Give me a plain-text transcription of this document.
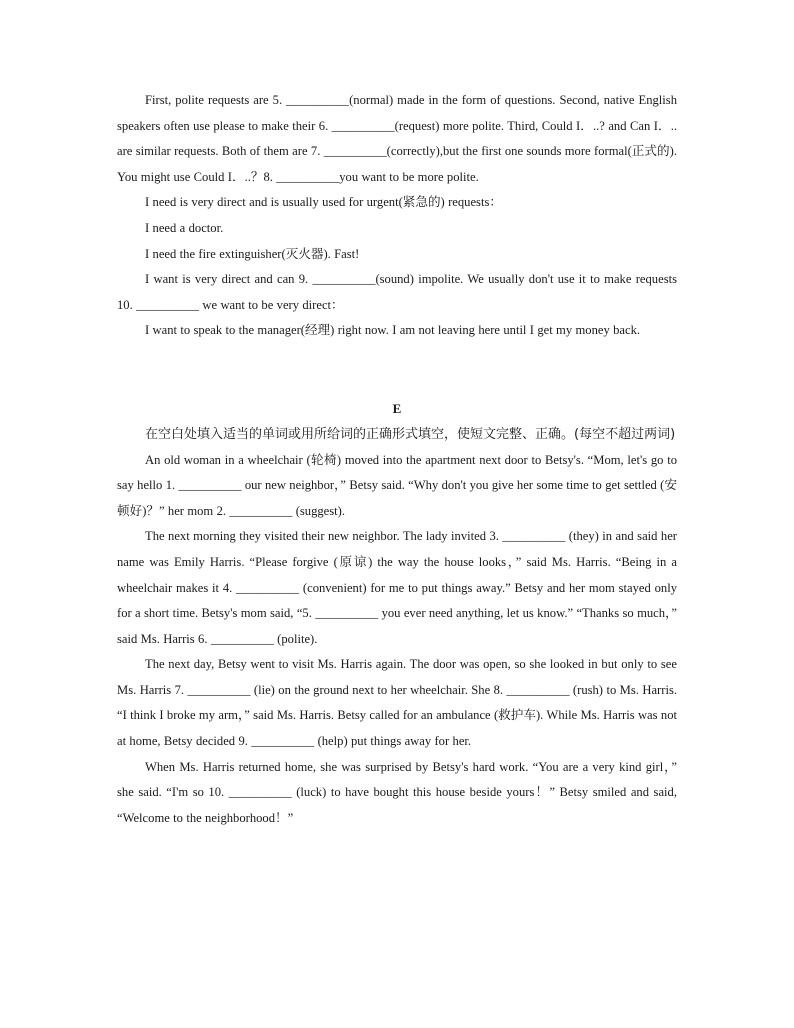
First, polite requests are 5. __________(normal) made in the form of questions. Second, native English speakers often use please to make their 6. __________(request) more polite. Third, Could I．..? and Can I．.. are similar requests. Both of them are 7. __________(correctly),but the first one sounds more formal(正式的). You might use Could I．..？8. __________you want to be more polite.

I need is very direct and is usually used for urgent(紧急的) requests：

I need a doctor.

I need the fire extinguisher(灭火器). Fast!

I want is very direct and can 9. __________(sound) impolite. We usually don't use it to make requests 10. __________ we want to be very direct：

I want to speak to the manager(经理) right now. I am not leaving here until I get my money back.

E

在空白处填入适当的单词或用所给词的正确形式填空，使短文完整、正确。(每空不超过两词)

An old woman in a wheelchair (轮椅) moved into the apartment next door to Betsy's. “Mom, let's go to say hello 1. __________ our new neighbor，” Betsy said. “Why don't you give her some time to get settled (安顿好)？” her mom 2. __________ (suggest).

The next morning they visited their new neighbor. The lady invited 3. __________ (they) in and said her name was Emily Harris. “Please forgive (原谅) the way the house looks，” said Ms. Harris. “Being in a wheelchair makes it 4. __________ (convenient) for me to put things away.” Betsy and her mom stayed only for a short time. Betsy's mom said, “5. __________ you ever need anything, let us know.” “Thanks so much，” said Ms. Harris 6. __________ (polite).

The next day, Betsy went to visit Ms. Harris again. The door was open, so she looked in but only to see Ms. Harris 7. __________ (lie) on the ground next to her wheelchair. She 8. __________ (rush) to Ms. Harris. “I think I broke my arm，” said Ms. Harris. Betsy called for an ambulance (救护车). While Ms. Harris was not at home, Betsy decided 9. __________ (help) put things away for her.

When Ms. Harris returned home, she was surprised by Betsy's hard work. “You are a very kind girl，” she said. “I'm so 10. __________ (luck) to have bought this house beside yours！” Betsy smiled and said, “Welcome to the neighborhood！”
